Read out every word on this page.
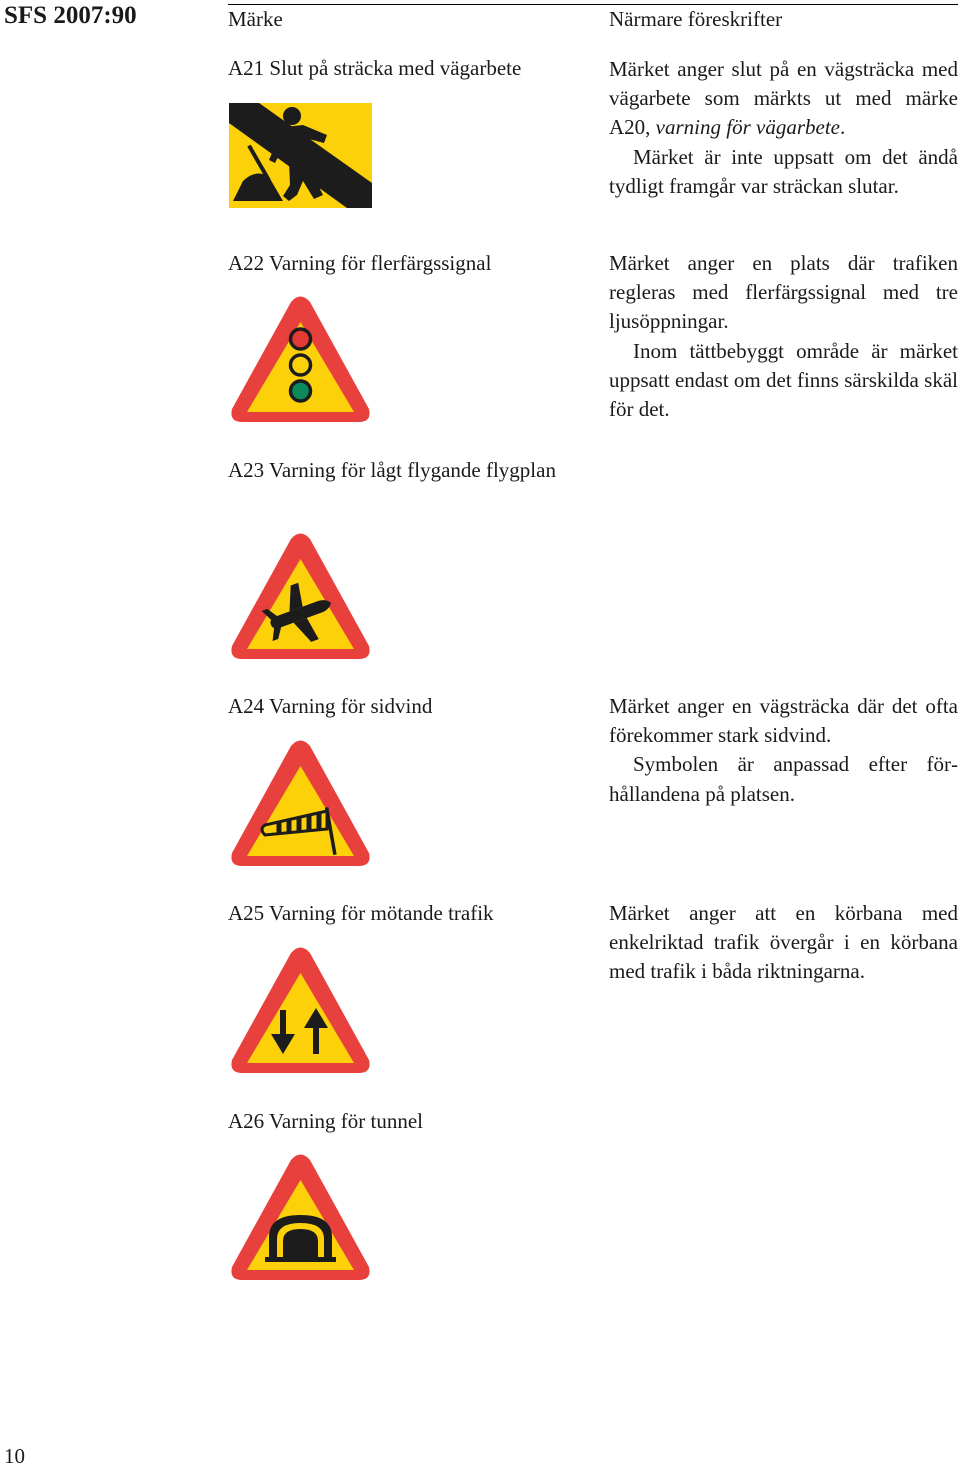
SFS 2007:90	Märke	Närmare föreskrifter
A21 Slut på sträcka med vägarbete	Märket anger slut på en vägsträcka med vägarbete som märkts ut med märke A20, varning för vägarbete.

Märket är inte uppsatt om det ändå tydligt framgår var sträckan slutar.

A22 Varning för flerfärgssignal	Märket anger en plats där trafiken regleras med flerfärgssignal med tre ljusöppningar.

Inom tättbebyggt område är märket uppsatt endast om det finns särskilda skäl för det.

A23 Varning för lågt flygande flygplan
A24 Varning för sidvind	Märket anger en vägsträcka där det ofta förekommer stark sidvind.

Symbolen är anpassad efter förhållandena på platsen.

A25 Varning för mötande trafik	Märket anger att en körbana med enkelriktad trafik övergår i en körbana med trafik i båda riktningarna.

A26 Varning för tunnel
10
